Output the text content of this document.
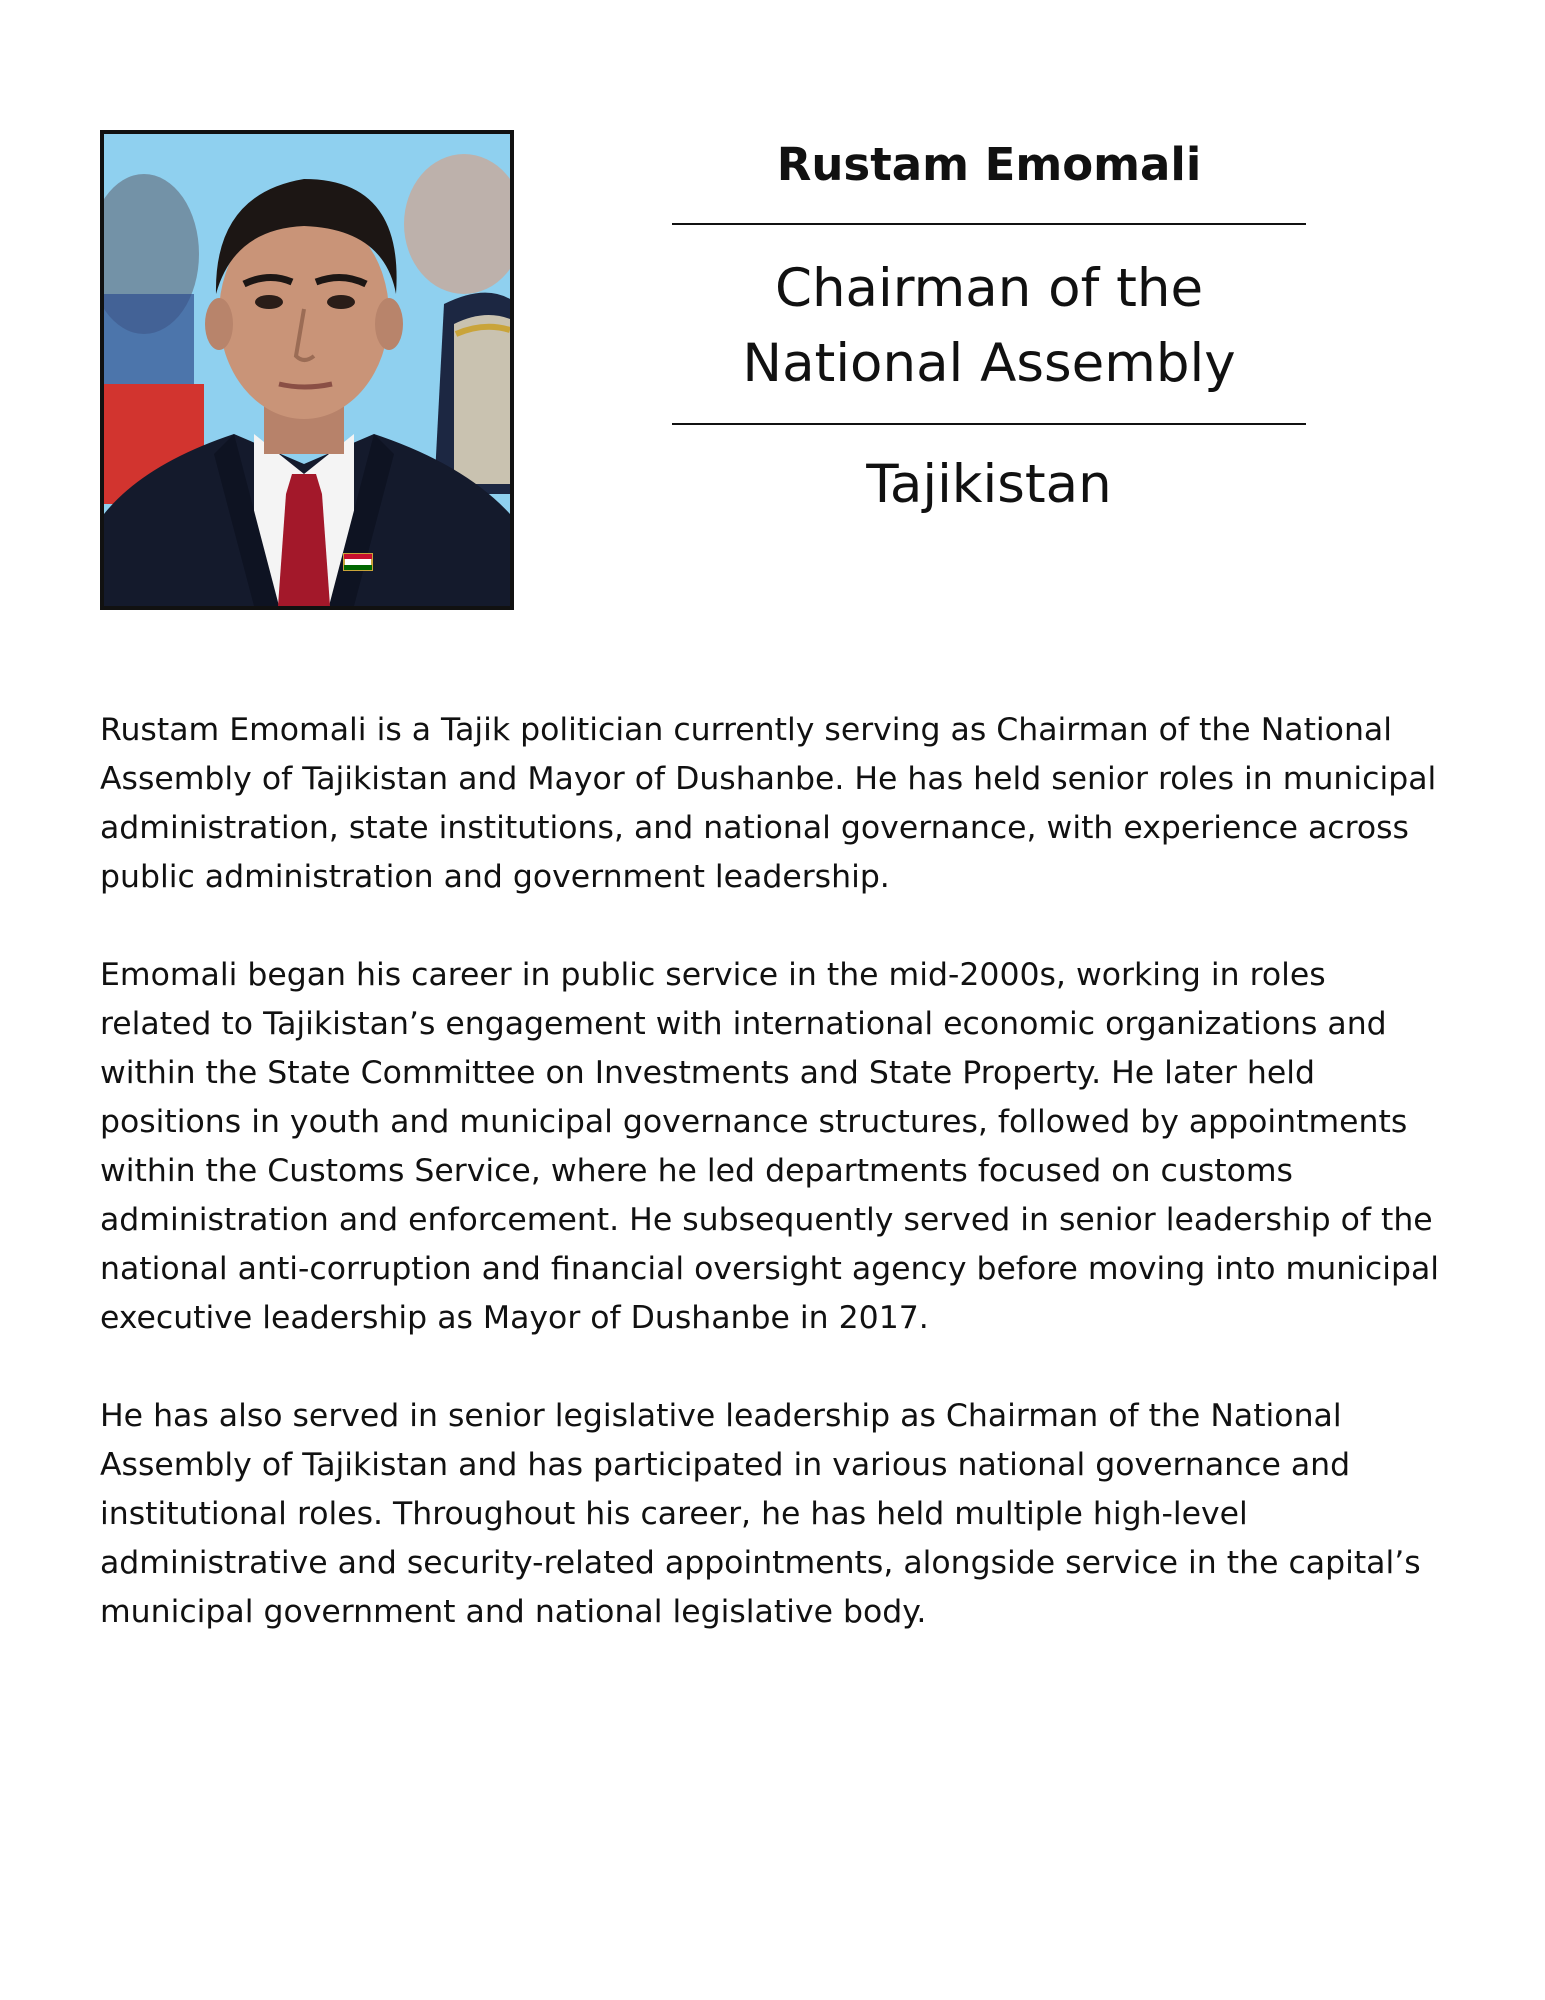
Rustam Emomali
Chairman of the National Assembly
Tajikistan

Rustam Emomali is a Tajik politician currently serving as Chairman of the National Assembly of Tajikistan and Mayor of Dushanbe. He has held senior roles in municipal administration, state institutions, and national governance, with experience across public administration and government leadership.

Emomali began his career in public service in the mid-2000s, working in roles related to Tajikistan’s engagement with international economic organizations and within the State Committee on Investments and State Property. He later held positions in youth and municipal governance structures, followed by appointments within the Customs Service, where he led departments focused on customs administration and enforcement. He subsequently served in senior leadership of the national anti-corruption and financial oversight agency before moving into municipal executive leadership as Mayor of Dushanbe in 2017.

He has also served in senior legislative leadership as Chairman of the National Assembly of Tajikistan and has participated in various national governance and institutional roles. Throughout his career, he has held multiple high-level administrative and security-related appointments, alongside service in the capital’s municipal government and national legislative body.
